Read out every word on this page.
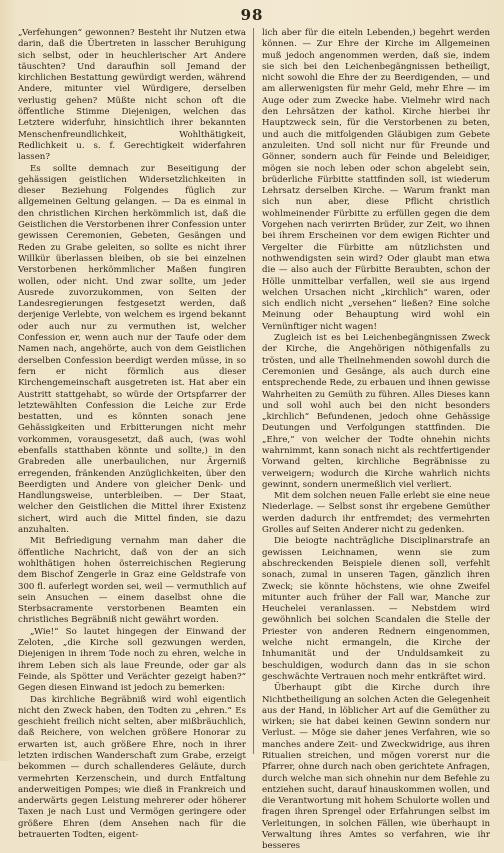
98

„Verfehungen“ gewonnen? Besteht ihr Nutzen etwa darin, daß die Übertreten in lasscher Beruhigung sich selbst, oder in heuchlerischer Art Andere täuschten? Und daraufhin soll Jemand der kirchlichen Bestattung gewürdigt werden, während Andere, mitunter viel Würdigere, derselben verlustig gehen? Müßte nicht schon oft die öffentliche Stimme Diejenigen, welchen das Letztere widerfuhr, hinsichtlich ihrer bekannten Menschenfreundlichkeit, Wohlthätigkeit, Redlichkeit u. s. f. Gerechtigkeit widerfahren lassen?

Es sollte demnach zur Beseitigung der gehässigen geistlichen Widersetzlichkeiten in dieser Beziehung Folgendes füglich zur allgemeinen Geltung gelangen. — Da es einmal in den christlichen Kirchen herkömmlich ist, daß die Geistlichen die Verstorbenen ihrer Confession unter gewissen Ceremonien, Gebeten, Gesängen und Reden zu Grabe geleiten, so sollte es nicht ihrer Willkür überlassen bleiben, ob sie bei einzelnen Verstorbenen herkömmlicher Maßen fungiren wollen, oder nicht. Und zwar sollte, um jeder Ausrede zuvorzukommen, von Seiten der Landesregierungen festgesetzt werden, daß derjenige Verlebte, von welchem es irgend bekannt oder auch nur zu vermuthen ist, welcher Confession er, wenn auch nur der Taufe oder dem Namen nach, angehörte, auch von dem Geistlichen derselben Confession beerdigt werden müsse, in so fern er nicht förmlich aus dieser Kirchengemeinschaft ausgetreten ist. Hat aber ein Austritt stattgehabt, so würde der Ortspfarrer der letztewählten Confession die Leiche zur Erde bestatten, und es könnten sonach jene Gehässigkeiten und Erbitterungen nicht mehr vorkommen, vorausgesetzt, daß auch, (was wohl ebenfalls statthaben könnte und sollte,) in den Grabreden alle unerbaulichen, nur Ärgerniß erregenden, fränkenden Anzüglichkeiten, über den Beerdigten und Andere von gleicher Denk- und Handlungsweise, unterbleiben. — Der Staat, welcher den Geistlichen die Mittel ihrer Existenz sichert, wird auch die Mittel finden, sie dazu anzuhalten.

Mit Befriedigung vernahm man daher die öffentliche Nachricht, daß von der an sich wohlthätigen hohen österreichischen Regierung dem Bischof Zengerle in Graz eine Geldstrafe von 300 fl. auferlegt worden sei, weil — vermuthlich auf sein Ansuchen — einem daselbst ohne die Sterbsacramente verstorbenen Beamten ein christliches Begräbniß nicht gewährt worden.

„Wie!“ So lautet hingegen der Einwand der Zeloten, „die Kirche soll gezwungen werden, Diejenigen in ihrem Tode noch zu ehren, welche in ihrem Leben sich als laue Freunde, oder gar als Feinde, als Spötter und Verächter gezeigt haben?“ Gegen diesen Einwand ist jedoch zu bemerken:

Das kirchliche Begräbniß wird wohl eigentlich nicht den Zweck haben, den Todten zu „ehren.“ Es geschieht freilich nicht selten, aber mißbräuchlich, daß Reichere, von welchen größere Honorar zu erwarten ist, auch größere Ehre, noch in ihrer letzten irdischen Wanderschaft zum Grabe, erzeigt bekommen — durch schallenderes Geläute, durch vermehrten Kerzenschein, und durch Entfaltung anderweitigen Pompes; wie dieß in Frankreich und anderwärts gegen Leistung mehrerer oder höherer Taxen je nach Lust und Vermögen geringere oder größere Ehren (dem Ansehen nach für die betrauerten Todten, eigent-

lich aber für die eiteln Lebenden,) begehrt werden können. — Zur Ehre der Kirche im Allgemeinen muß jedoch angenommen werden, daß sie, indem sie sich bei den Leichenbegängnissen betheiligt, nicht sowohl die Ehre der zu Beerdigenden, — und am allerwenigsten für mehr Geld, mehr Ehre — im Auge oder zum Zwecke habe. Vielmehr wird nach den Lehrsätzen der kathol. Kirche hierbei ihr Hauptzweck sein, für die Verstorbenen zu beten, und auch die mitfolgenden Gläubigen zum Gebete anzuleiten. Und soll nicht nur für Freunde und Gönner, sondern auch für Feinde und Beleidiger, mögen sie noch leben oder schon abgelebt sein, brüderliche Fürbitte stattfinden soll, ist wiederum Lehrsatz derselben Kirche. — Warum frankt man sich nun aber, diese Pflicht christlich wohlmeinender Fürbitte zu erfüllen gegen die dem Vorgehen nach verirrten Brüder, zur Zeit, wo ihnen bei ihrem Erscheinen vor dem ewigen Richter und Vergelter die Fürbitte am nützlichsten und nothwendigsten sein wird? Oder glaubt man etwa die — also auch der Fürbitte Beraubten, schon der Hölle unmittelbar verfallen, weil sie aus irgend welchen Ursachen nicht „kirchlich“ waren, oder sich endlich nicht „versehen“ ließen? Eine solche Meinung oder Behauptung wird wohl ein Vernünftiger nicht wagen!

Zugleich ist es bei Leichenbegängnissen Zweck der Kirche, die Angehörigen nöthigenfalls zu trösten, und alle Theilnehmenden sowohl durch die Ceremonien und Gesänge, als auch durch eine entsprechende Rede, zu erbauen und ihnen gewisse Wahrheiten zu Gemüth zu führen. Alles Dieses kann und soll wohl auch bei den nicht besonders „kirchlich“ Befundenen, jedoch ohne Gehässige Deutungen und Verfolgungen stattfinden. Die „Ehre,“ von welcher der Todte ohnehin nichts wahrnimmt, kann sonach nicht als rechtfertigender Vorwand gelten, kirchliche Begräbnisse zu verweigern; wodurch die Kirche wahrlich nichts gewinnt, sondern unermeßlich viel verliert.

Mit dem solchen neuen Falle erlebt sie eine neue Niederlage. — Selbst sonst ihr ergebene Gemüther werden dadurch ihr entfremdet; des vermehrten Grolles auf Seiten Anderer nicht zu gedenken.

Die beiogte nachträgliche Disciplinarstrafe an gewissen Leichnamen, wenn sie zum abschreckenden Beispiele dienen soll, verfehlt sonach, zumal in unseren Tagen, gänzlich ihren Zweck; sie könnte höchstens, wie ohne Zweifel mitunter auch früher der Fall war, Manche zur Heuchelei veranlassen. — Nebstdem wird gewöhnlich bei solchen Scandalen die Stelle der Priester von anderen Rednern eingenommen, welche nicht ermangeln, die Kirche der Inhumanität und der Unduldsamkeit zu beschuldigen, wodurch dann das in sie schon geschwächte Vertrauen noch mehr entkräftet wird.

Überhaupt gibt die Kirche durch ihre Nichtbetheiligung an solchen Acten die Gelegenheit aus der Hand, in löblicher Art auf die Gemüther zu wirken; sie hat dabei keinen Gewinn sondern nur Verlust. — Möge sie daher jenes Verfahren, wie so manches andere Zeit- und Zweckwidrige, aus ihren Ritualien streichen, und mögen vorerst nur die Pfarrer, ohne durch nach oben gerichtete Anfragen, durch welche man sich ohnehin nur dem Befehle zu entziehen sucht, darauf hinauskommen wollen, und die Verantwortung mit hohem Schulorte wollen und fragen ihren Sprengel oder Erfahrungen selbst im Verleitungen, in solchen Fällen, wie überhaupt in Verwaltung ihres Amtes so verfahren, wie ihr besseres
